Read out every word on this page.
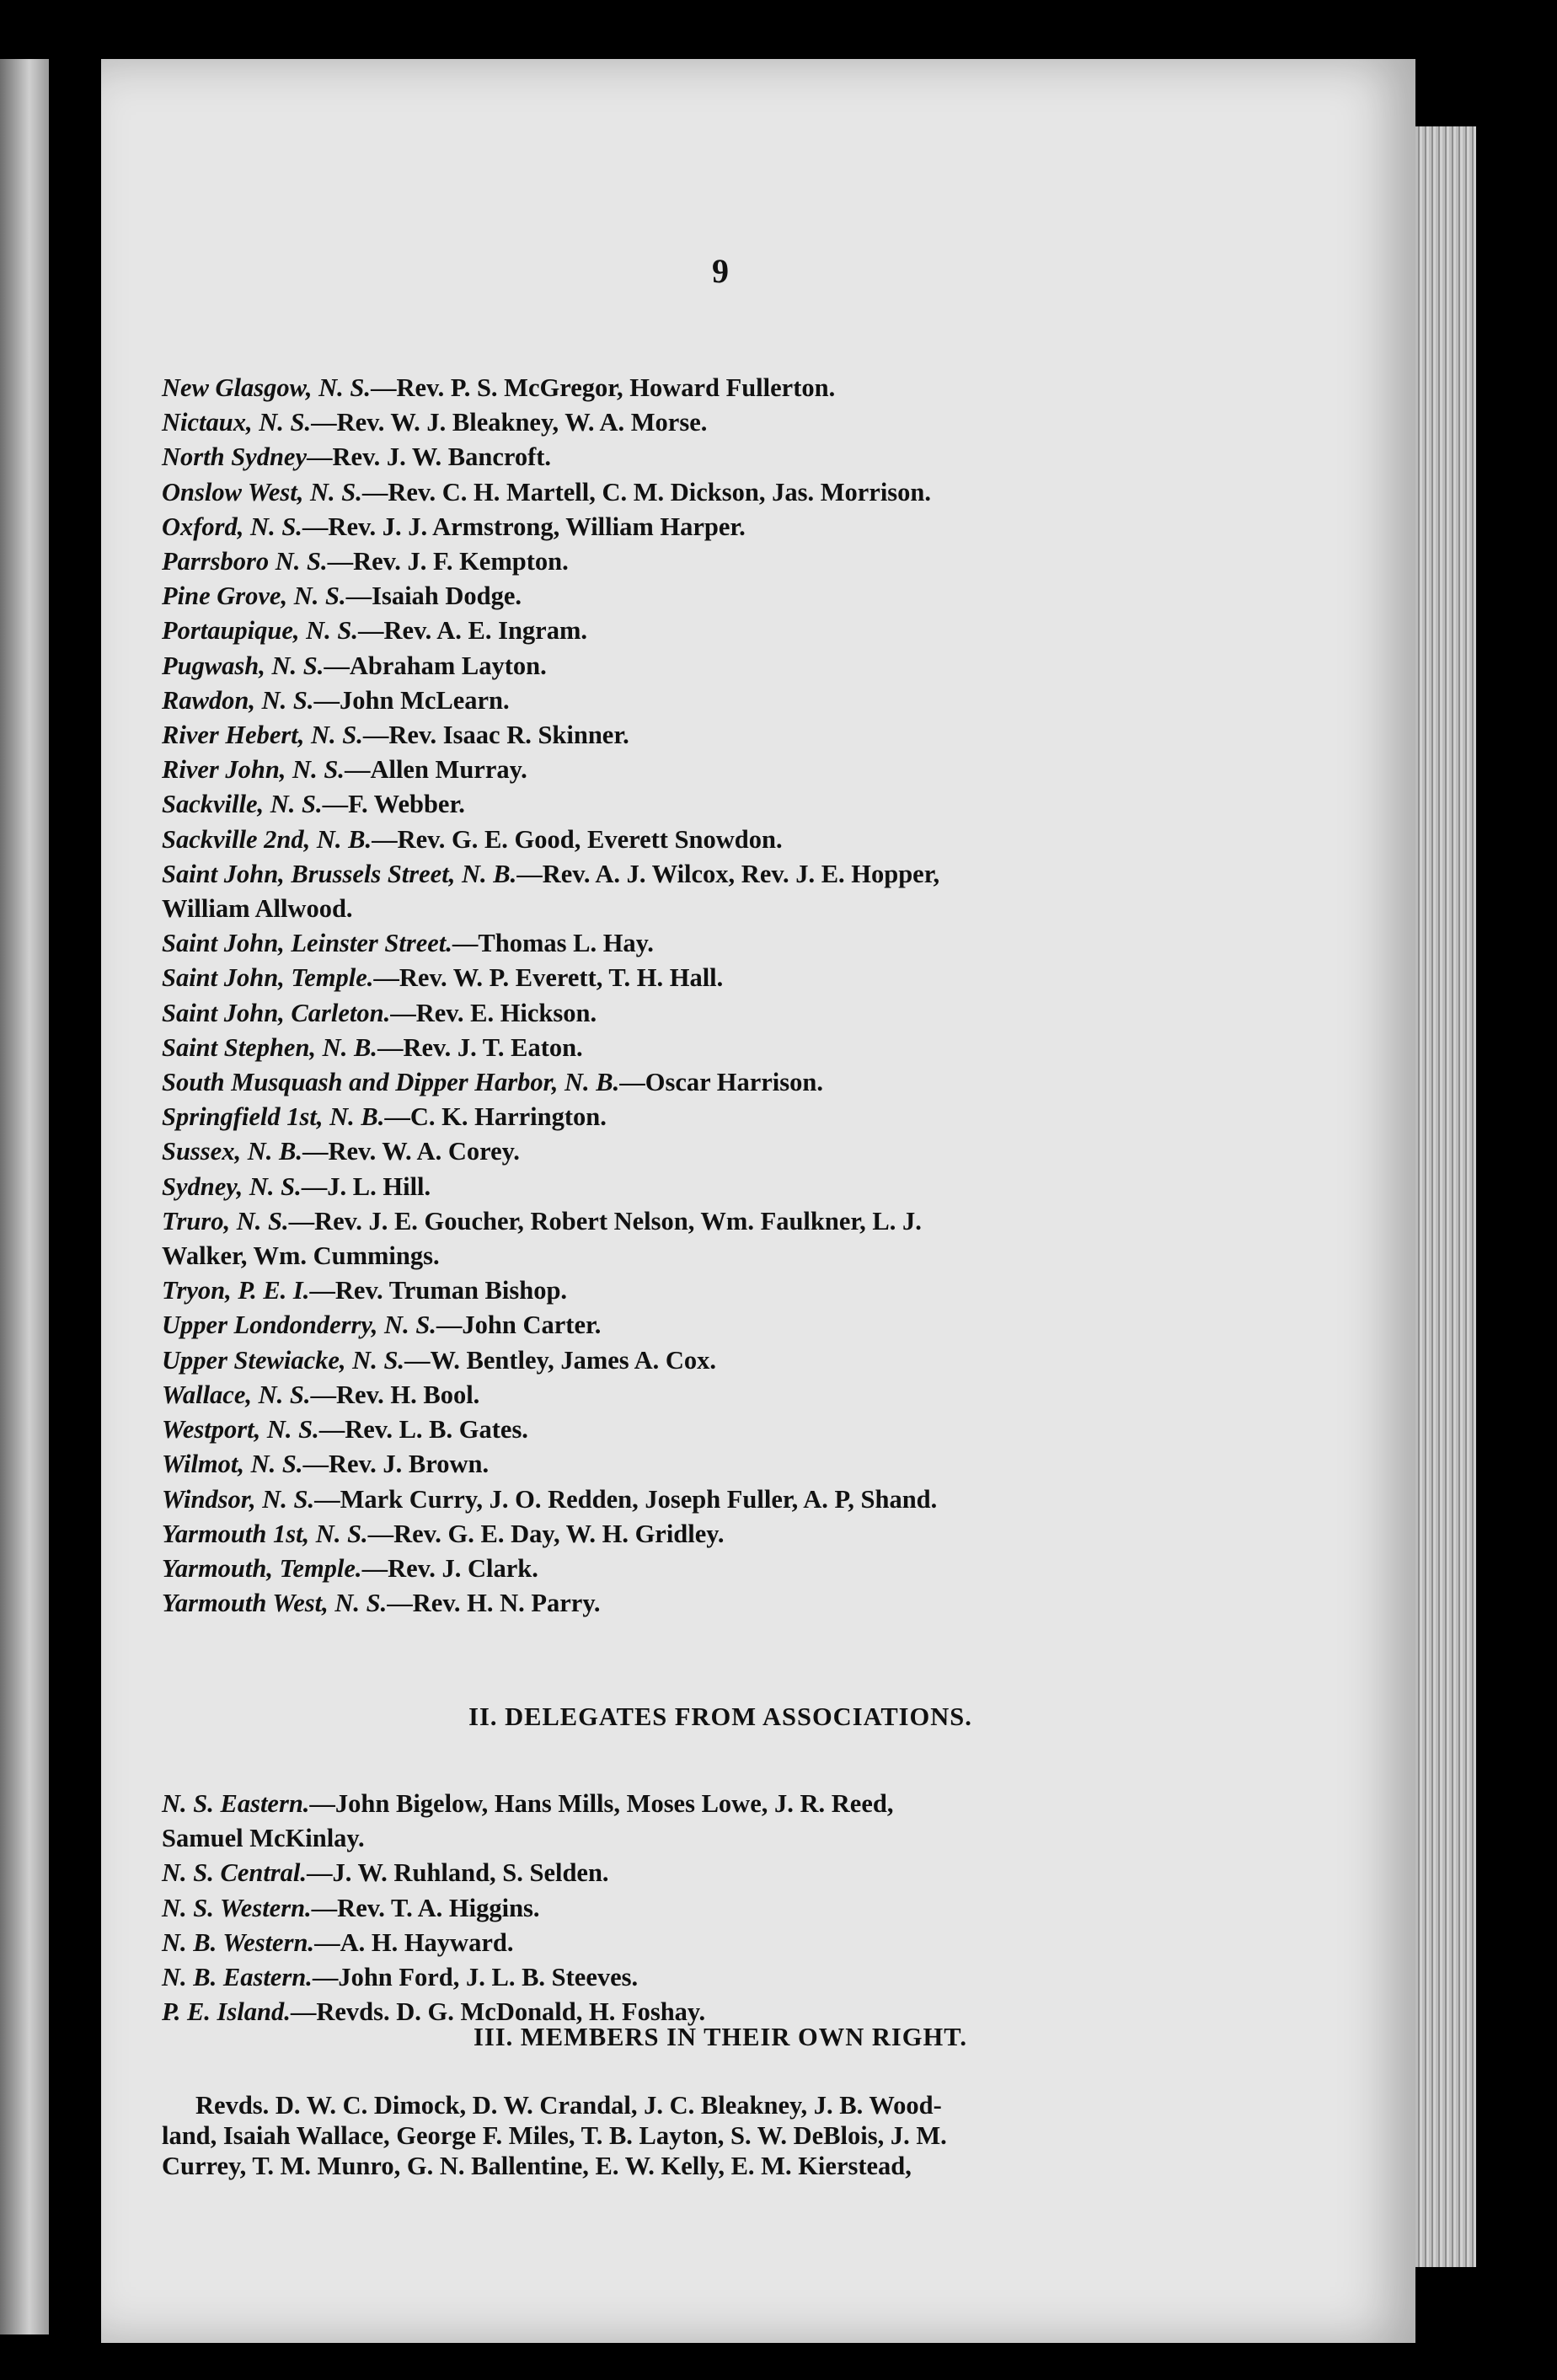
9
New Glasgow, N. S.—Rev. P. S. McGregor, Howard Fullerton.
Nictaux, N. S.—Rev. W. J. Bleakney, W. A. Morse.
North Sydney—Rev. J. W. Bancroft.
Onslow West, N. S.—Rev. C. H. Martell, C. M. Dickson, Jas. Morrison.
Oxford, N. S.—Rev. J. J. Armstrong, William Harper.
Parrsboro N. S.—Rev. J. F. Kempton.
Pine Grove, N. S.—Isaiah Dodge.
Portaupique, N. S.—Rev. A. E. Ingram.
Pugwash, N. S.—Abraham Layton.
Rawdon, N. S.—John McLearn.
River Hebert, N. S.—Rev. Isaac R. Skinner.
River John, N. S.—Allen Murray.
Sackville, N. S.—F. Webber.
Sackville 2nd, N. B.—Rev. G. E. Good, Everett Snowdon.
Saint John, Brussels Street, N. B.—Rev. A. J. Wilcox, Rev. J. E. Hopper,
William Allwood.
Saint John, Leinster Street.—Thomas L. Hay.
Saint John, Temple.—Rev. W. P. Everett, T. H. Hall.
Saint John, Carleton.—Rev. E. Hickson.
Saint Stephen, N. B.—Rev. J. T. Eaton.
South Musquash and Dipper Harbor, N. B.—Oscar Harrison.
Springfield 1st, N. B.—C. K. Harrington.
Sussex, N. B.—Rev. W. A. Corey.
Sydney, N. S.—J. L. Hill.
Truro, N. S.—Rev. J. E. Goucher, Robert Nelson, Wm. Faulkner, L. J.
Walker, Wm. Cummings.
Tryon, P. E. I.—Rev. Truman Bishop.
Upper Londonderry, N. S.—John Carter.
Upper Stewiacke, N. S.—W. Bentley, James A. Cox.
Wallace, N. S.—Rev. H. Bool.
Westport, N. S.—Rev. L. B. Gates.
Wilmot, N. S.—Rev. J. Brown.
Windsor, N. S.—Mark Curry, J. O. Redden, Joseph Fuller, A. P, Shand.
Yarmouth 1st, N. S.—Rev. G. E. Day, W. H. Gridley.
Yarmouth, Temple.—Rev. J. Clark.
Yarmouth West, N. S.—Rev. H. N. Parry.
II. DELEGATES FROM ASSOCIATIONS.
N. S. Eastern.—John Bigelow, Hans Mills, Moses Lowe, J. R. Reed,
Samuel McKinlay.
N. S. Central.—J. W. Ruhland, S. Selden.
N. S. Western.—Rev. T. A. Higgins.
N. B. Western.—A. H. Hayward.
N. B. Eastern.—John Ford, J. L. B. Steeves.
P. E. Island.—Revds. D. G. McDonald, H. Foshay.
III. MEMBERS IN THEIR OWN RIGHT.
Revds. D. W. C. Dimock, D. W. Crandal, J. C. Bleakney, J. B. Wood-
land, Isaiah Wallace, George F. Miles, T. B. Layton, S. W. DeBlois, J. M.
Currey, T. M. Munro, G. N. Ballentine, E. W. Kelly, E. M. Kierstead,
